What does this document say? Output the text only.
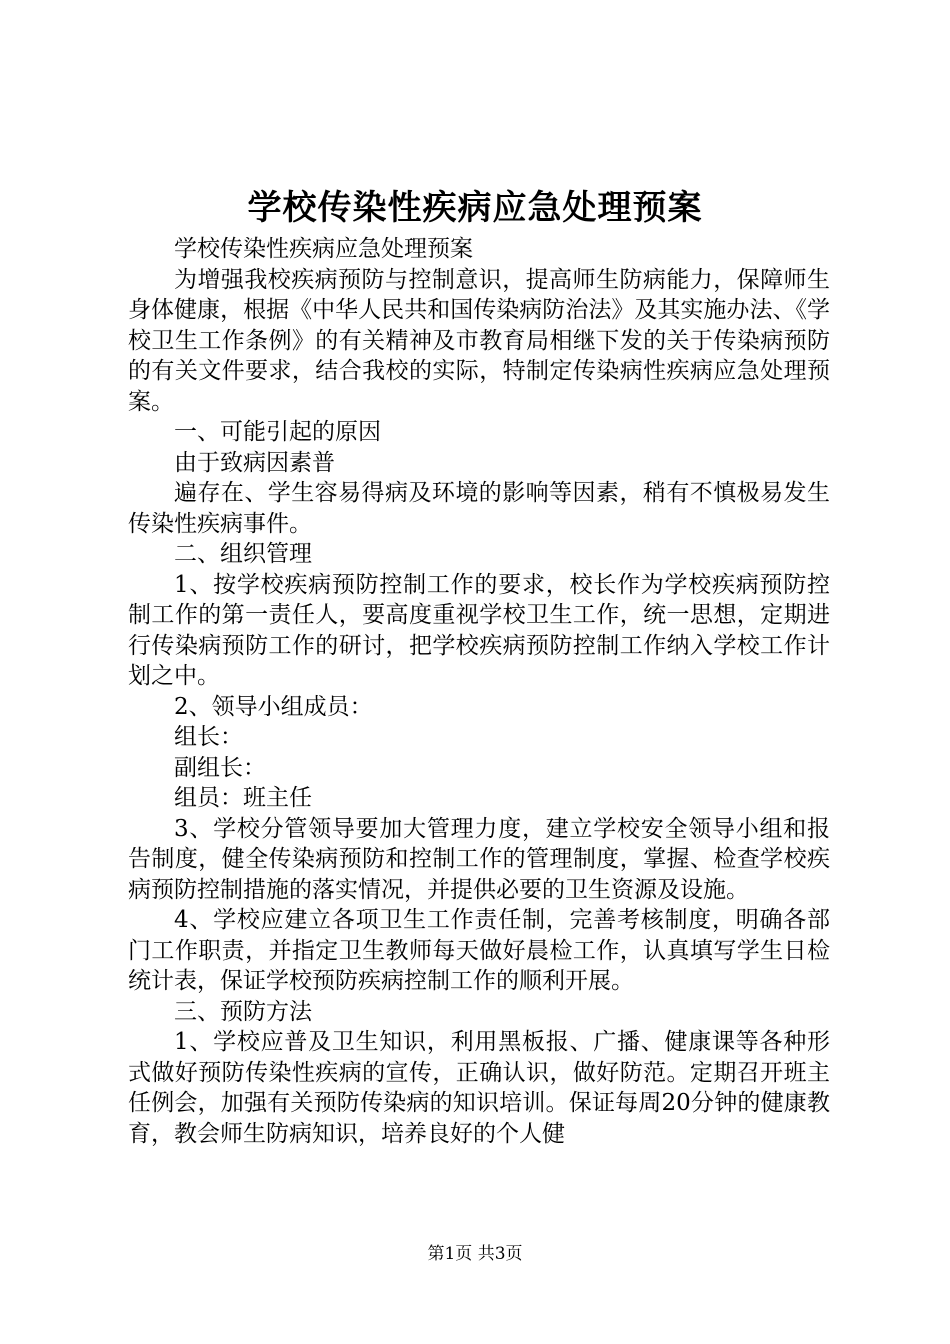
学校传染性疾病应急处理预案

学校传染性疾病应急处理预案

为增强我校疾病预防与控制意识，提高师生防病能力，保障师生身体健康，根据《中华人民共和国传染病防治法》及其实施办法、《学校卫生工作条例》的有关精神及市教育局相继下发的关于传染病预防的有关文件要求，结合我校的实际，特制定传染病性疾病应急处理预案。

一、可能引起的原因

由于致病因素普

遍存在、学生容易得病及环境的影响等因素，稍有不慎极易发生传染性疾病事件。

二、组织管理

1、按学校疾病预防控制工作的要求，校长作为学校疾病预防控制工作的第一责任人，要高度重视学校卫生工作，统一思想，定期进行传染病预防工作的研讨，把学校疾病预防控制工作纳入学校工作计划之中。

2、领导小组成员：

组长：

副组长：

组员：班主任

3、学校分管领导要加大管理力度，建立学校安全领导小组和报告制度，健全传染病预防和控制工作的管理制度，掌握、检查学校疾病预防控制措施的落实情况，并提供必要的卫生资源及设施。

4、学校应建立各项卫生工作责任制，完善考核制度，明确各部门工作职责，并指定卫生教师每天做好晨检工作，认真填写学生日检统计表，保证学校预防疾病控制工作的顺利开展。

三、预防方法

1、学校应普及卫生知识，利用黑板报、广播、健康课等各种形式做好预防传染性疾病的宣传，正确认识，做好防范。定期召开班主任例会，加强有关预防传染病的知识培训。保证每周20分钟的健康教育，教会师生防病知识，培养良好的个人健

第1页 共3页
